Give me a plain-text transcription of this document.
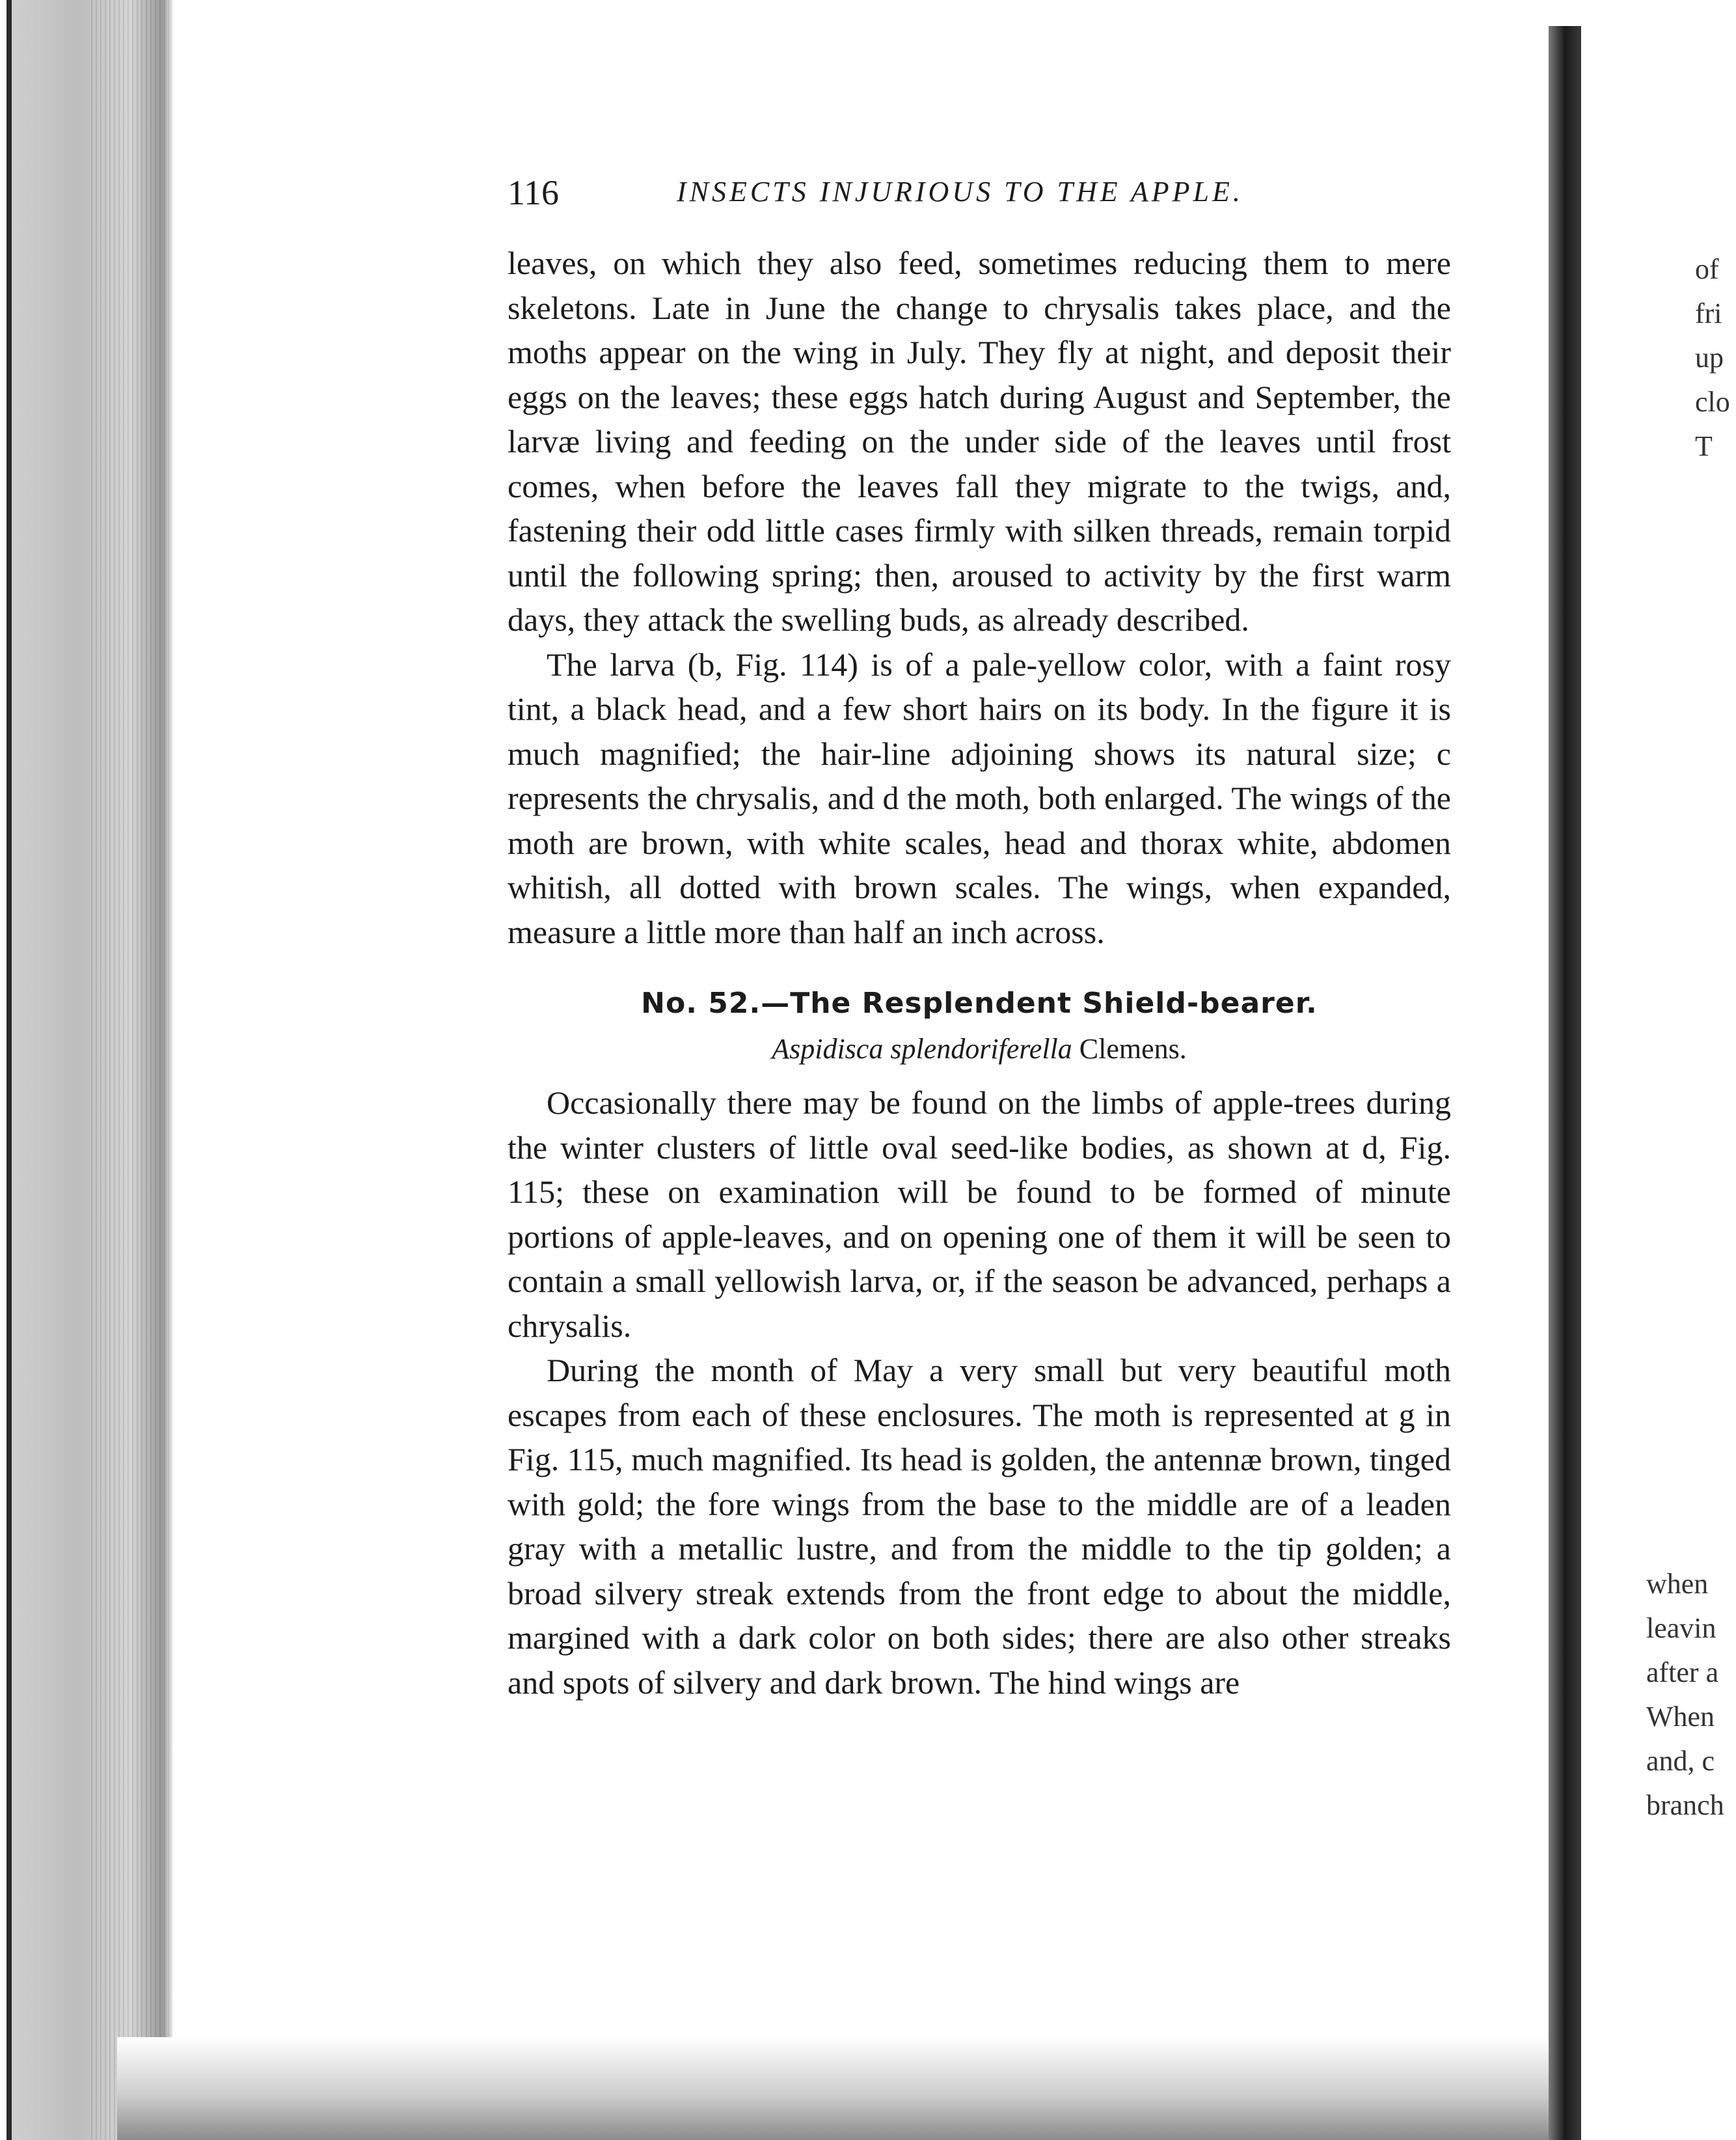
116	INSECTS INJURIOUS TO THE APPLE.

leaves, on which they also feed, sometimes reducing them to mere skeletons. Late in June the change to chrysalis takes place, and the moths appear on the wing in July. They fly at night, and deposit their eggs on the leaves; these eggs hatch during August and September, the larvæ living and feeding on the under side of the leaves until frost comes, when before the leaves fall they migrate to the twigs, and, fastening their odd little cases firmly with silken threads, remain torpid until the following spring; then, aroused to activity by the first warm days, they attack the swelling buds, as already described.

The larva (b, Fig. 114) is of a pale-yellow color, with a faint rosy tint, a black head, and a few short hairs on its body. In the figure it is much magnified; the hair-line adjoining shows its natural size; c represents the chrysalis, and d the moth, both enlarged. The wings of the moth are brown, with white scales, head and thorax white, abdomen whitish, all dotted with brown scales. The wings, when expanded, measure a little more than half an inch across.

No. 52.—The Resplendent Shield-bearer.

Aspidisca splendoriferella Clemens.

Occasionally there may be found on the limbs of apple-trees during the winter clusters of little oval seed-like bodies, as shown at d, Fig. 115; these on examination will be found to be formed of minute portions of apple-leaves, and on opening one of them it will be seen to contain a small yellowish larva, or, if the season be advanced, perhaps a chrysalis.

During the month of May a very small but very beautiful moth escapes from each of these enclosures. The moth is represented at g in Fig. 115, much magnified. Its head is golden, the antennæ brown, tinged with gold; the fore wings from the base to the middle are of a leaden gray with a metallic lustre, and from the middle to the tip golden; a broad silvery streak extends from the front edge to about the middle, margined with a dark color on both sides; there are also other streaks and spots of silvery and dark brown. The hind wings are

of
fri
up
clo
T
when
leavin
after a
When
and, c
branch
